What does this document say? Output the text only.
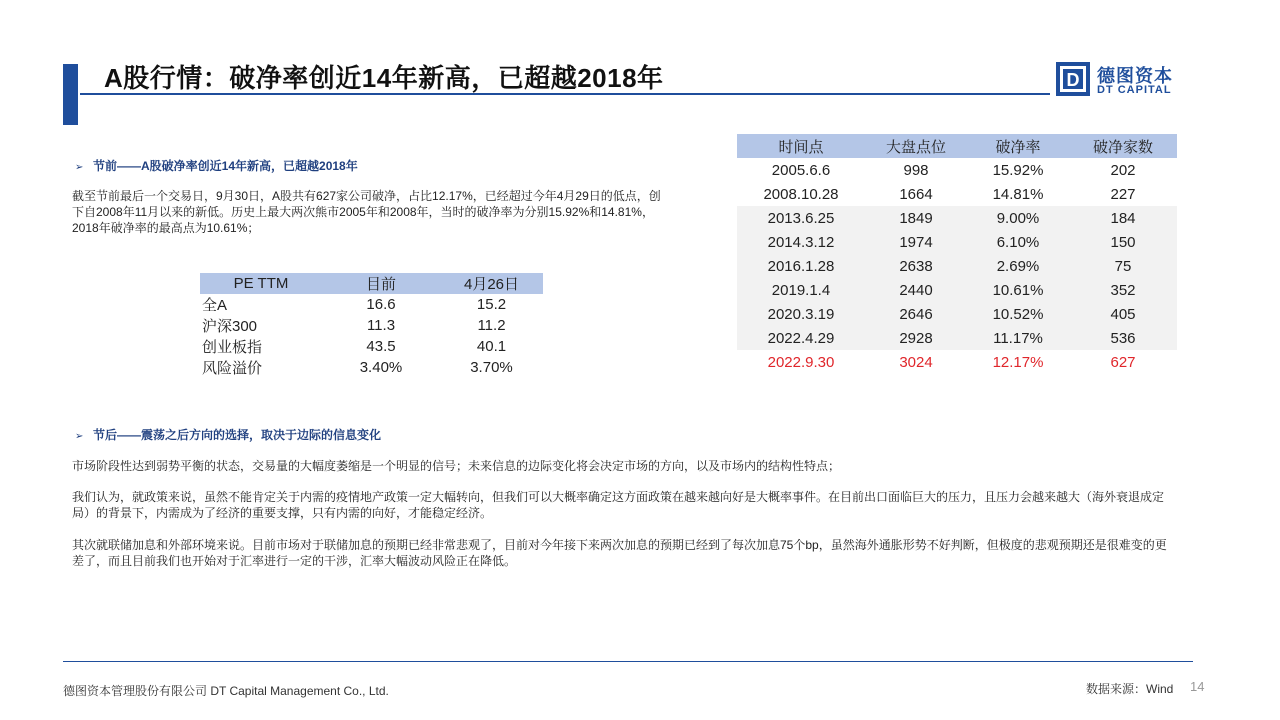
A股行情：破净率创近14年新高，已超越2018年	D 德图资本
DT CAPITAL
➢ 节前——A股破净率创近14年新高，已超越2018年
截至节前最后一个交易日，9月30日，A股共有627家公司破净，占比12.17%，已经超过今年4月29日的低点，创下自2008年11月以来的新低。历史上最大两次熊市2005年和2008年，当时的破净率为分别15.92%和14.81%，2018年破净率的最高点为10.61%；
PE TTM	目前	4月26日
全A	16.6	15.2
沪深300	11.3	11.2
创业板指	43.5	40.1
风险溢价	3.40%	3.70%
时间点	大盘点位	破净率	破净家数
2005.6.6	998	15.92%	202
2008.10.28	1664	14.81%	227
2013.6.25	1849	9.00%	184
2014.3.12	1974	6.10%	150
2016.1.28	2638	2.69%	75
2019.1.4	2440	10.61%	352
2020.3.19	2646	10.52%	405
2022.4.29	2928	11.17%	536
2022.9.30	3024	12.17%	627
➢ 节后——震荡之后方向的选择，取决于边际的信息变化
市场阶段性达到弱势平衡的状态，交易量的大幅度萎缩是一个明显的信号；未来信息的边际变化将会决定市场的方向，以及市场内的结构性特点；
我们认为，就政策来说，虽然不能肯定关于内需的疫情地产政策一定大幅转向，但我们可以大概率确定这方面政策在越来越向好是大概率事件。在目前出口面临巨大的压力，且压力会越来越大（海外衰退成定局）的背景下，内需成为了经济的重要支撑，只有内需的向好，才能稳定经济。
其次就联储加息和外部环境来说。目前市场对于联储加息的预期已经非常悲观了，目前对今年接下来两次加息的预期已经到了每次加息75个bp，虽然海外通胀形势不好判断，但极度的悲观预期还是很难变的更差了，而且目前我们也开始对于汇率进行一定的干涉，汇率大幅波动风险正在降低。
德图资本管理股份有限公司 DT Capital Management Co., Ltd.	数据来源：Wind 14
